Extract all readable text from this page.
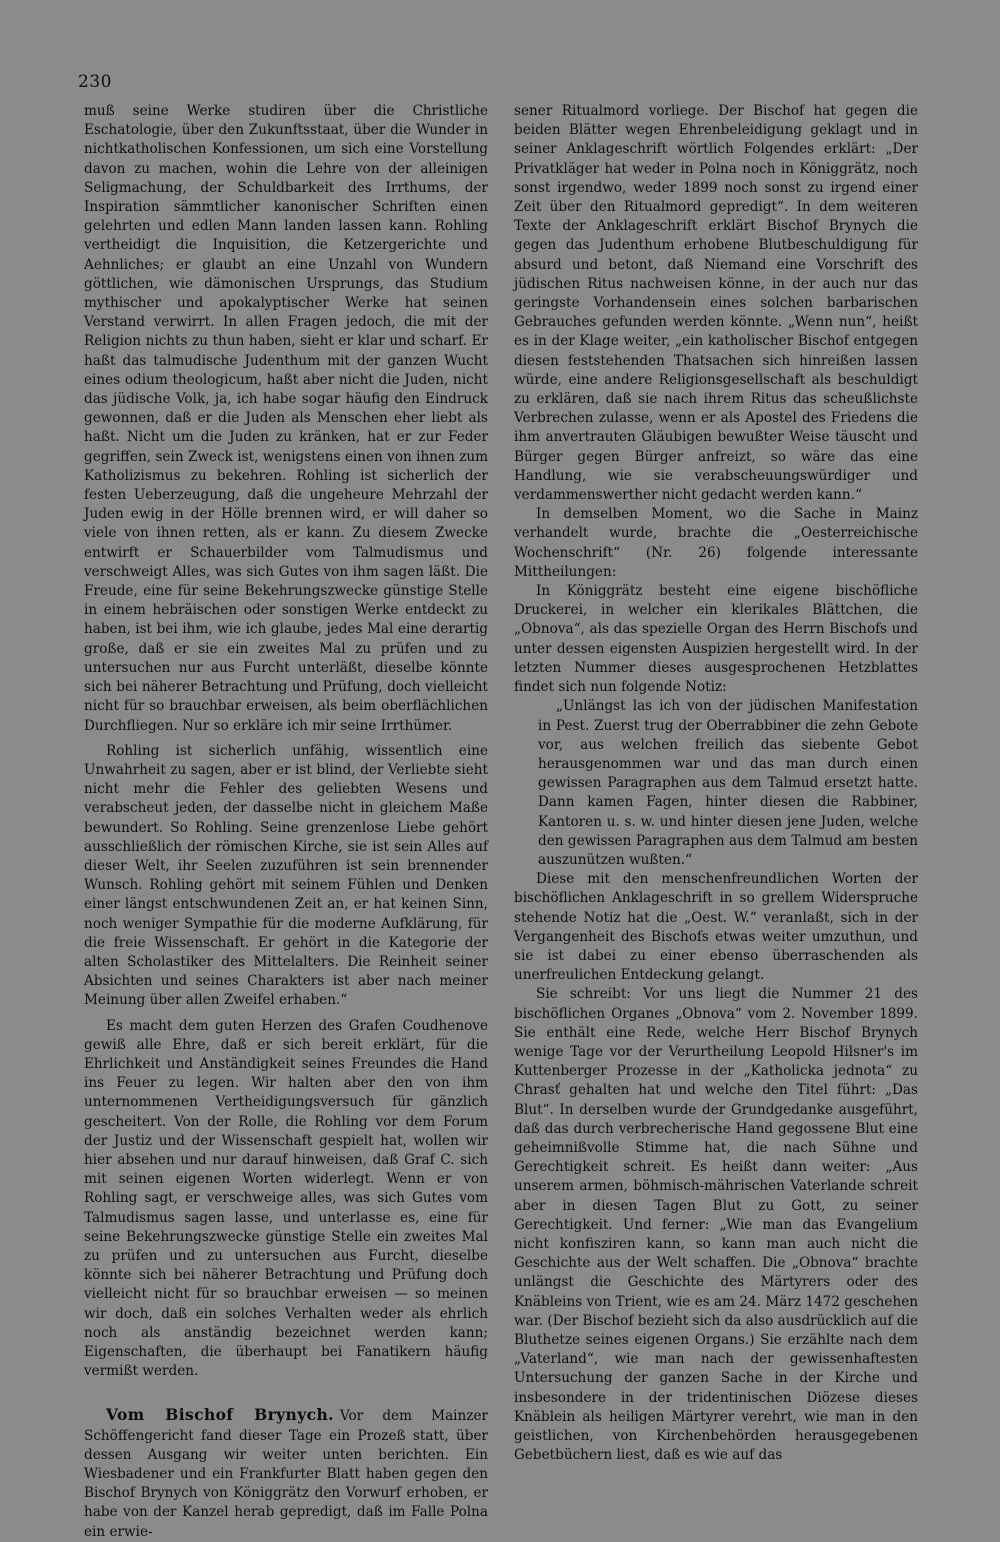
230

muß seine Werke studiren über die Christliche Eschatologie, über den Zukunftsstaat, über die Wunder in nichtkatholischen Konfessionen, um sich eine Vorstellung davon zu machen, wohin die Lehre von der alleinigen Seligmachung, der Schuldbarkeit des Irrthums, der Inspiration sämmtlicher kanonischer Schriften einen gelehrten und edlen Mann landen lassen kann. Rohling vertheidigt die Inquisition, die Ketzergerichte und Aehnliches; er glaubt an eine Unzahl von Wundern göttlichen, wie dämonischen Ursprungs, das Studium mythischer und apokalyptischer Werke hat seinen Verstand verwirrt. In allen Fragen jedoch, die mit der Religion nichts zu thun haben, sieht er klar und scharf. Er haßt das talmudische Judenthum mit der ganzen Wucht eines odium theologicum, haßt aber nicht die Juden, nicht das jüdische Volk, ja, ich habe sogar häufig den Eindruck gewonnen, daß er die Juden als Menschen eher liebt als haßt. Nicht um die Juden zu kränken, hat er zur Feder gegriffen, sein Zweck ist, wenigstens einen von ihnen zum Katholizismus zu bekehren. Rohling ist sicherlich der festen Ueberzeugung, daß die ungeheure Mehrzahl der Juden ewig in der Hölle brennen wird, er will daher so viele von ihnen retten, als er kann. Zu diesem Zwecke entwirft er Schauerbilder vom Talmudismus und verschweigt Alles, was sich Gutes von ihm sagen läßt. Die Freude, eine für seine Bekehrungszwecke günstige Stelle in einem hebräischen oder sonstigen Werke entdeckt zu haben, ist bei ihm, wie ich glaube, jedes Mal eine derartig große, daß er sie ein zweites Mal zu prüfen und zu untersuchen nur aus Furcht unterläßt, dieselbe könnte sich bei näherer Betrachtung und Prüfung, doch vielleicht nicht für so brauchbar erweisen, als beim oberflächlichen Durchfliegen. Nur so erkläre ich mir seine Irrthümer.

Rohling ist sicherlich unfähig, wissentlich eine Unwahrheit zu sagen, aber er ist blind, der Verliebte sieht nicht mehr die Fehler des geliebten Wesens und verabscheut jeden, der dasselbe nicht in gleichem Maße bewundert. So Rohling. Seine grenzenlose Liebe gehört ausschließlich der römischen Kirche, sie ist sein Alles auf dieser Welt, ihr Seelen zuzuführen ist sein brennender Wunsch. Rohling gehört mit seinem Fühlen und Denken einer längst entschwundenen Zeit an, er hat keinen Sinn, noch weniger Sympathie für die moderne Aufklärung, für die freie Wissenschaft. Er gehört in die Kategorie der alten Scholastiker des Mittelalters. Die Reinheit seiner Absichten und seines Charakters ist aber nach meiner Meinung über allen Zweifel erhaben.“

Es macht dem guten Herzen des Grafen Coudhenove gewiß alle Ehre, daß er sich bereit erklärt, für die Ehrlichkeit und Anständigkeit seines Freundes die Hand ins Feuer zu legen. Wir halten aber den von ihm unternommenen Vertheidigungsversuch für gänzlich gescheitert. Von der Rolle, die Rohling vor dem Forum der Justiz und der Wissenschaft gespielt hat, wollen wir hier absehen und nur darauf hinweisen, daß Graf C. sich mit seinen eigenen Worten widerlegt. Wenn er von Rohling sagt, er verschweige alles, was sich Gutes vom Talmudismus sagen lasse, und unterlasse es, eine für seine Bekehrungszwecke günstige Stelle ein zweites Mal zu prüfen und zu untersuchen aus Furcht, dieselbe könnte sich bei näherer Betrachtung und Prüfung doch vielleicht nicht für so brauchbar erweisen — so meinen wir doch, daß ein solches Verhalten weder als ehrlich noch als anständig bezeichnet werden kann; Eigenschaften, die überhaupt bei Fanatikern häufig vermißt werden.

Vom Bischof Brynych. Vor dem Mainzer Schöffengericht fand dieser Tage ein Prozeß statt, über dessen Ausgang wir weiter unten berichten. Ein Wiesbadener und ein Frankfurter Blatt haben gegen den Bischof Brynych von Königgrätz den Vorwurf erhoben, er habe von der Kanzel herab gepredigt, daß im Falle Polna ein erwie-

sener Ritualmord vorliege. Der Bischof hat gegen die beiden Blätter wegen Ehrenbeleidigung geklagt und in seiner Anklageschrift wörtlich Folgendes erklärt: „Der Privatkläger hat weder in Polna noch in Königgrätz, noch sonst irgendwo, weder 1899 noch sonst zu irgend einer Zeit über den Ritualmord gepredigt“. In dem weiteren Texte der Anklageschrift erklärt Bischof Brynych die gegen das Judenthum erhobene Blutbeschuldigung für absurd und betont, daß Niemand eine Vorschrift des jüdischen Ritus nachweisen könne, in der auch nur das geringste Vorhandensein eines solchen barbarischen Gebrauches gefunden werden könnte. „Wenn nun“, heißt es in der Klage weiter, „ein katholischer Bischof entgegen diesen feststehenden Thatsachen sich hinreißen lassen würde, eine andere Religionsgesellschaft als beschuldigt zu erklären, daß sie nach ihrem Ritus das scheußlichste Verbrechen zulasse, wenn er als Apostel des Friedens die ihm anvertrauten Gläubigen bewußter Weise täuscht und Bürger gegen Bürger anfreizt, so wäre das eine Handlung, wie sie verabscheuungswürdiger und verdammenswerther nicht gedacht werden kann.“

In demselben Moment, wo die Sache in Mainz verhandelt wurde, brachte die „Oesterreichische Wochenschrift“ (Nr. 26) folgende interessante Mittheilungen:

In Königgrätz besteht eine eigene bischöfliche Druckerei, in welcher ein klerikales Blättchen, die „Obnova“, als das spezielle Organ des Herrn Bischofs und unter dessen eigensten Auspizien hergestellt wird. In der letzten Nummer dieses ausgesprochenen Hetzblattes findet sich nun folgende Notiz:

„Unlängst las ich von der jüdischen Manifestation in Pest. Zuerst trug der Oberrabbiner die zehn Gebote vor, aus welchen freilich das siebente Gebot herausgenommen war und das man durch einen gewissen Paragraphen aus dem Talmud ersetzt hatte. Dann kamen Fagen, hinter diesen die Rabbiner, Kantoren u. s. w. und hinter diesen jene Juden, welche den gewissen Paragraphen aus dem Talmud am besten auszunützen wußten.“

Diese mit den menschenfreundlichen Worten der bischöflichen Anklageschrift in so grellem Widerspruche stehende Notiz hat die „Oest. W.“ veranlaßt, sich in der Vergangenheit des Bischofs etwas weiter umzuthun, und sie ist dabei zu einer ebenso überraschenden als unerfreulichen Entdeckung gelangt.

Sie schreibt: Vor uns liegt die Nummer 21 des bischöflichen Organes „Obnova“ vom 2. November 1899. Sie enthält eine Rede, welche Herr Bischof Brynych wenige Tage vor der Verurtheilung Leopold Hilsner's im Kuttenberger Prozesse in der „Katholicka jednota“ zu Chrasť gehalten hat und welche den Titel führt: „Das Blut“. In derselben wurde der Grundgedanke ausgeführt, daß das durch verbrecherische Hand gegossene Blut eine geheimnißvolle Stimme hat, die nach Sühne und Gerechtigkeit schreit. Es heißt dann weiter: „Aus unserem armen, böhmisch-mährischen Vaterlande schreit aber in diesen Tagen Blut zu Gott, zu seiner Gerechtigkeit. Und ferner: „Wie man das Evangelium nicht konfisziren kann, so kann man auch nicht die Geschichte aus der Welt schaffen. Die „Obnova“ brachte unlängst die Geschichte des Märtyrers oder des Knäbleins von Trient, wie es am 24. März 1472 geschehen war. (Der Bischof bezieht sich da also ausdrücklich auf die Bluthetze seines eigenen Organs.) Sie erzählte nach dem „Vaterland“, wie man nach der gewissenhaftesten Untersuchung der ganzen Sache in der Kirche und insbesondere in der tridentinischen Diözese dieses Knäblein als heiligen Märtyrer verehrt, wie man in den geistlichen, von Kirchenbehörden herausgegebenen Gebetbüchern liest, daß es wie auf das
